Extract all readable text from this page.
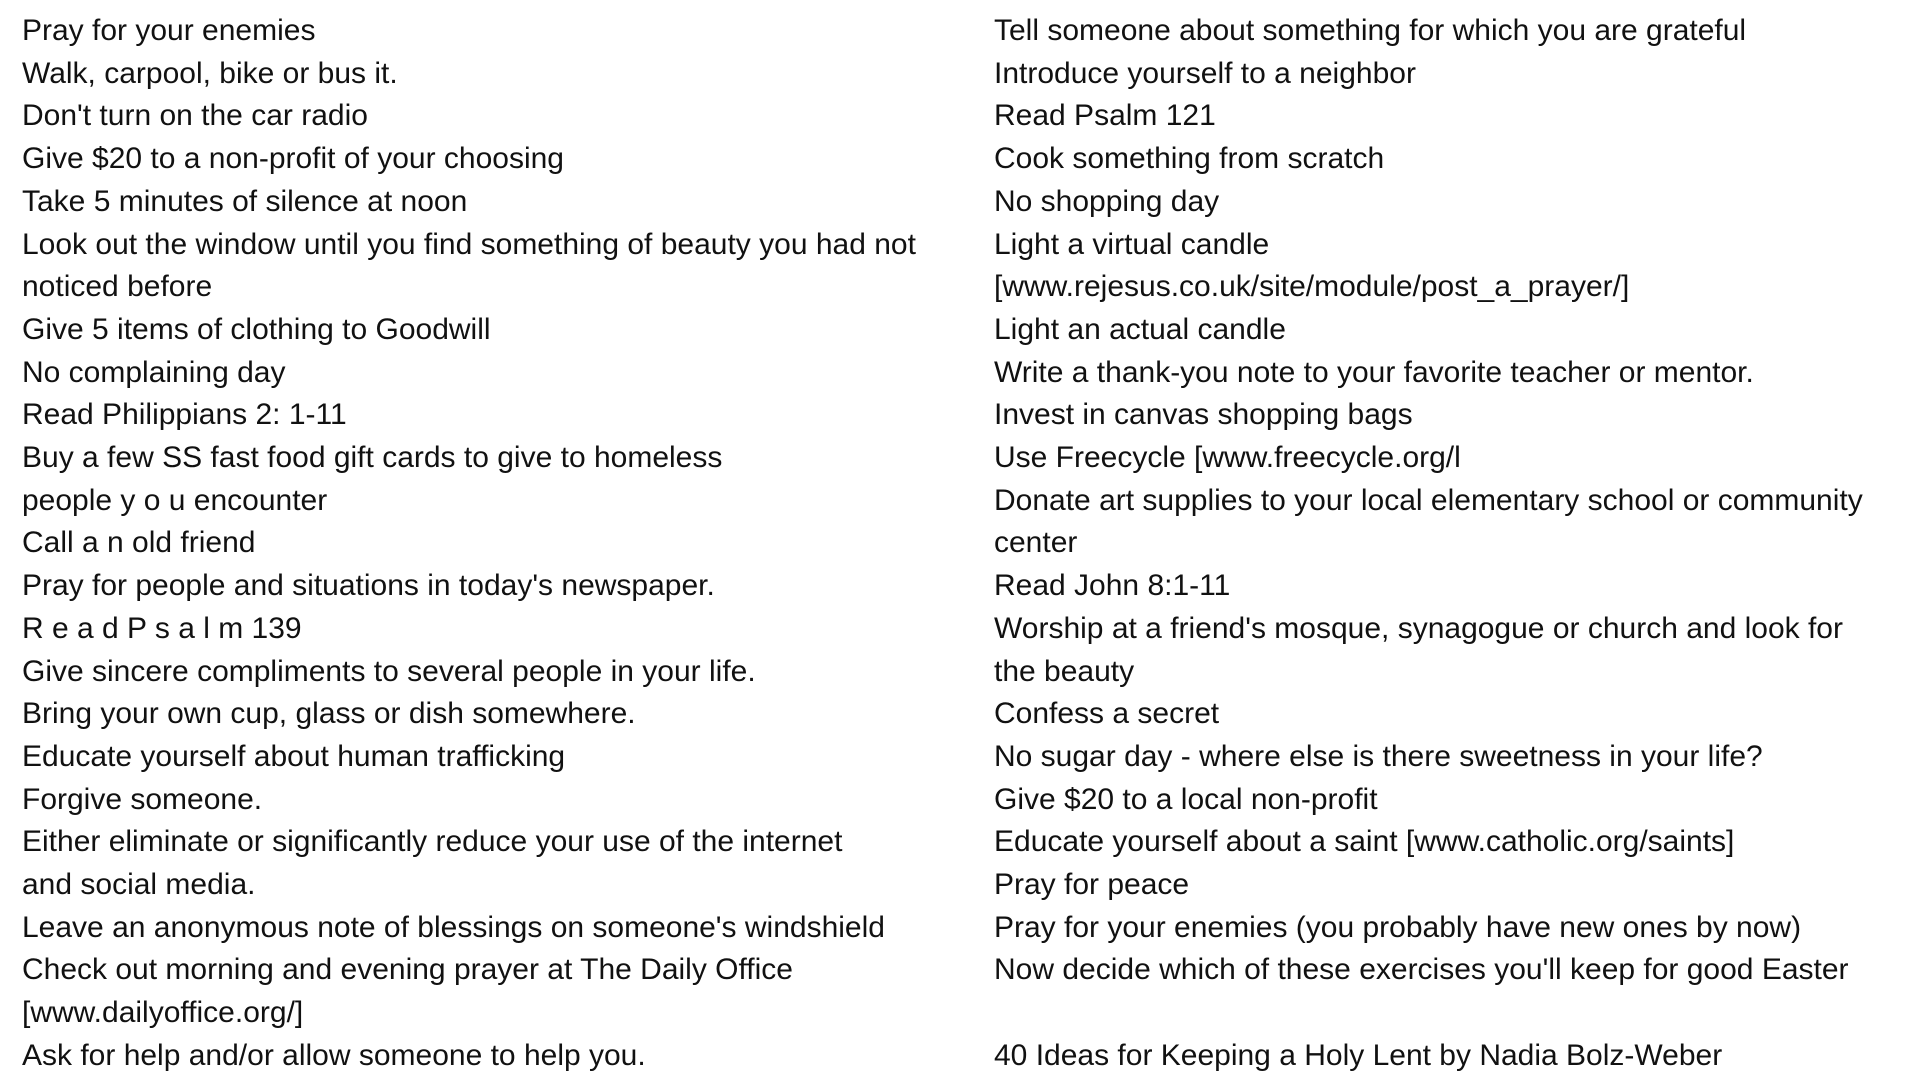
Pray for your enemies
Walk, carpool, bike or bus it.
Don't turn on the car radio
Give $20 to a non-profit of your choosing
Take 5 minutes of silence at noon
Look out the window until you find something of beauty you had not
noticed before
Give 5 items of clothing to Goodwill
No complaining day
Read Philippians 2: 1-11
Buy a few SS fast food gift cards to give to homeless
people y o u encounter
Call a n old friend
Pray for people and situations in today's newspaper.
R e a d P s a l m 139
Give sincere compliments to several people in your life.
Bring your own cup, glass or dish somewhere.
Educate yourself about human trafficking
Forgive someone.
Either eliminate or significantly reduce your use of the internet
and social media.
Leave an anonymous note of blessings on someone's windshield
Check out morning and evening prayer at The Daily Office
[www.dailyoffice.org/]
Ask for help and/or allow someone to help you.
Tell someone about something for which you are grateful
Introduce yourself to a neighbor
Read Psalm 121
Cook something from scratch
No shopping day
Light a virtual candle
[www.rejesus.co.uk/site/module/post_a_prayer/]
Light an actual candle
Write a thank-you note to your favorite teacher or mentor.
Invest in canvas shopping bags
Use Freecycle [www.freecycle.org/l
Donate art supplies to your local elementary school or community
center
Read John 8:1-11
Worship at a friend's mosque, synagogue or church and look for
the beauty
Confess a secret
No sugar day - where else is there sweetness in your life?
Give $20 to a local non-profit
Educate yourself about a saint [www.catholic.org/saints]
Pray for peace
Pray for your enemies (you probably have new ones by now)
Now decide which of these exercises you'll keep for good Easter
40 Ideas for Keeping a Holy Lent by Nadia Bolz-Weber
